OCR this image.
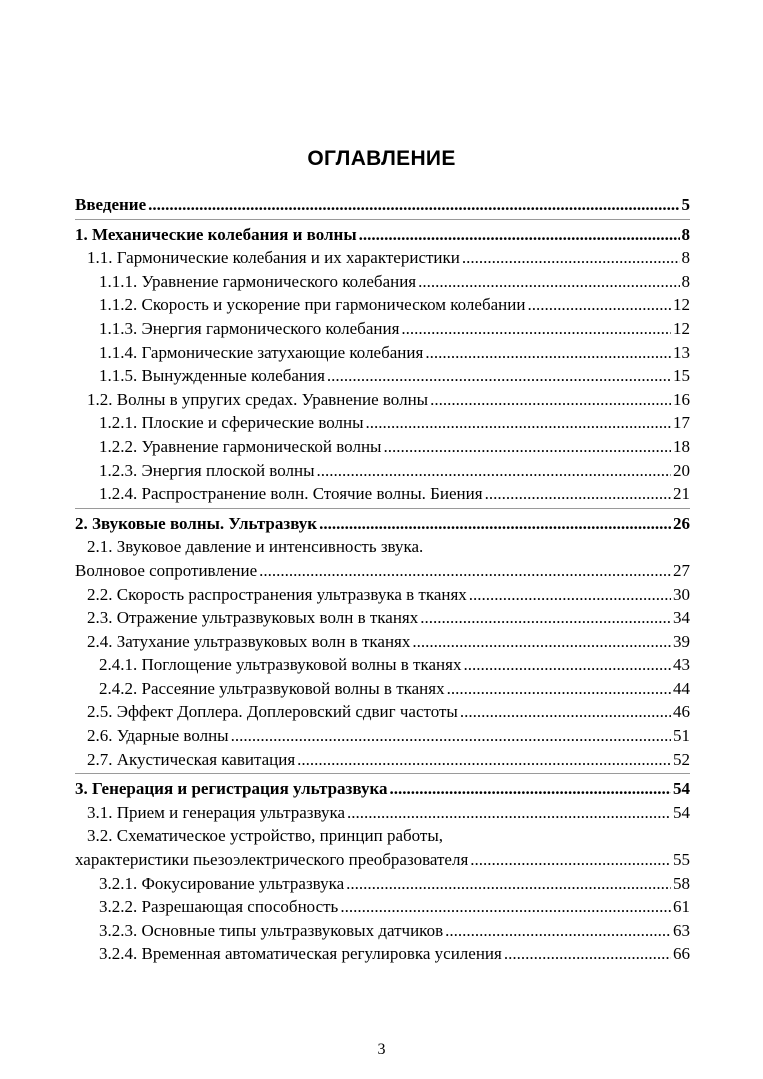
ОГЛАВЛЕНИЕ
Введение .....	5
1. Механические колебания и волны .....	8
1.1. Гармонические колебания и их характеристики .....	8
1.1.1. Уравнение гармонического колебания .....	8
1.1.2. Скорость и ускорение при гармоническом колебании .....	12
1.1.3. Энергия гармонического колебания .....	12
1.1.4. Гармонические затухающие колебания .....	13
1.1.5. Вынужденные колебания .....	15
1.2. Волны в упругих средах. Уравнение волны .....	16
1.2.1. Плоские и сферические волны .....	17
1.2.2. Уравнение гармонической волны .....	18
1.2.3. Энергия плоской волны .....	20
1.2.4. Распространение волн. Стоячие волны. Биения .....	21
2. Звуковые волны. Ультразвук .....	26
2.1. Звуковое давление и интенсивность звука.
Волновое сопротивление .....	27
2.2. Скорость распространения ультразвука в тканях .....	30
2.3. Отражение ультразвуковых волн в тканях .....	34
2.4. Затухание ультразвуковых волн в тканях .....	39
2.4.1. Поглощение ультразвуковой волны в тканях .....	43
2.4.2. Рассеяние ультразвуковой волны в тканях .....	44
2.5. Эффект Доплера. Доплеровский сдвиг частоты .....	46
2.6. Ударные волны .....	51
2.7. Акустическая кавитация .....	52
3. Генерация и регистрация ультразвука .....	54
3.1. Прием и генерация ультразвука .....	54
3.2. Схематическое устройство, принцип работы,
характеристики пьезоэлектрического преобразователя .....	55
3.2.1. Фокусирование ультразвука .....	58
3.2.2. Разрешающая способность .....	61
3.2.3. Основные типы ультразвуковых датчиков .....	63
3.2.4. Временная автоматическая регулировка усиления .....	66
3
